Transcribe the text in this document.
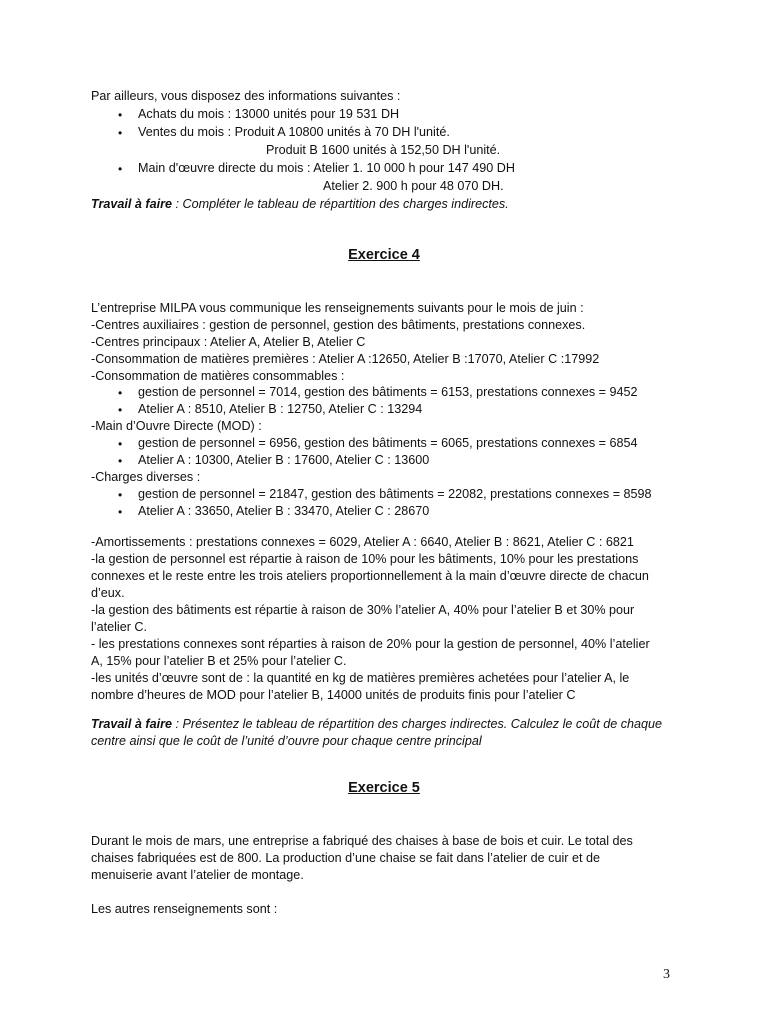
Par ailleurs, vous disposez des informations suivantes :
• Achats du mois : 13000 unités pour 19 531 DH
• Ventes du mois : Produit A 10800 unités à 70 DH l'unité.
Produit B 1600 unités à 152,50 DH l'unité.
• Main d'œuvre directe du mois : Atelier 1. 10 000 h pour 147 490 DH
Atelier 2. 900 h pour 48 070 DH.
Travail à faire : Compléter le tableau de répartition des charges indirectes.
Exercice 4
L’entreprise MILPA vous communique les renseignements suivants pour le mois de juin :
-Centres auxiliaires : gestion de personnel, gestion des bâtiments, prestations connexes.
-Centres principaux : Atelier A, Atelier B, Atelier C
-Consommation de matières premières : Atelier A :12650, Atelier B :17070, Atelier C :17992
-Consommation de matières consommables :
• gestion de personnel = 7014, gestion des bâtiments = 6153, prestations connexes = 9452
• Atelier A : 8510, Atelier B : 12750, Atelier C : 13294
-Main d’Ouvre Directe (MOD) :
• gestion de personnel = 6956, gestion des bâtiments = 6065, prestations connexes = 6854
• Atelier A : 10300, Atelier B : 17600, Atelier C : 13600
-Charges diverses :
• gestion de personnel = 21847, gestion des bâtiments = 22082, prestations connexes = 8598
• Atelier A : 33650, Atelier B : 33470, Atelier C : 28670
-Amortissements : prestations connexes = 6029, Atelier A : 6640, Atelier B : 8621, Atelier C : 6821
-la gestion de personnel est répartie à raison de 10% pour les bâtiments, 10% pour les prestations
connexes et le reste entre les trois ateliers proportionnellement à la main d’œuvre directe de chacun
d’eux.
-la gestion des bâtiments est répartie à raison de 30% l’atelier A, 40% pour l’atelier B et 30% pour
l’atelier C.
- les prestations connexes sont réparties à raison de 20% pour la gestion de personnel, 40% l’atelier
A, 15% pour l’atelier B et 25% pour l’atelier C.
-les unités d’œuvre sont de : la quantité en kg de matières premières achetées pour l’atelier A, le
nombre d’heures de MOD pour l’atelier B, 14000 unités de produits finis pour l’atelier C
Travail à faire : Présentez le tableau de répartition des charges indirectes. Calculez le coût de chaque
centre ainsi que le coût de l’unité d’ouvre pour chaque centre principal
Exercice 5
Durant le mois de mars, une entreprise a fabriqué des chaises à base de bois et cuir. Le total des
chaises fabriquées est de 800. La production d’une chaise se fait dans l’atelier de cuir et de
menuiserie avant l’atelier de montage.
Les autres renseignements sont :
3
